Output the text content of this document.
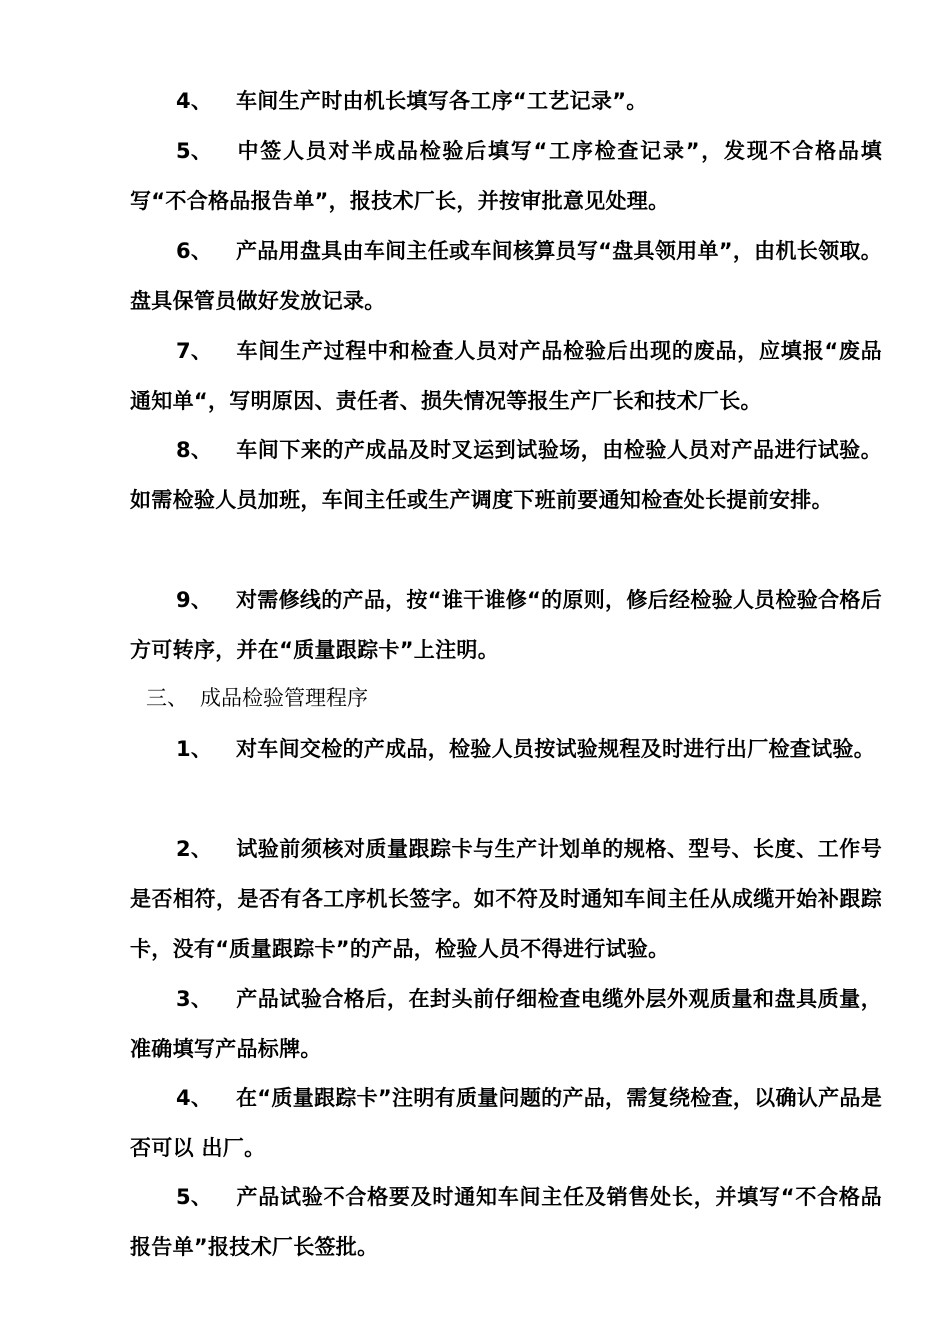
4、 车间生产时由机长填写各工序“工艺记录”。

5、 中签人员对半成品检验后填写“工序检查记录”，发现不合格品填写“不合格品报告单”，报技术厂长，并按审批意见处理。

6、 产品用盘具由车间主任或车间核算员写“盘具领用单”，由机长领取。盘具保管员做好发放记录。

7、 车间生产过程中和检查人员对产品检验后出现的废品，应填报“废品通知单“，写明原因、责任者、损失情况等报生产厂长和技术厂长。

8、 车间下来的产成品及时叉运到试验场，由检验人员对产品进行试验。如需检验人员加班，车间主任或生产调度下班前要通知检查处长提前安排。

9、 对需修线的产品，按“谁干谁修“的原则，修后经检验人员检验合格后方可转序，并在“质量跟踪卡”上注明。

三、 成品检验管理程序

1、 对车间交检的产成品，检验人员按试验规程及时进行出厂检查试验。

2、 试验前须核对质量跟踪卡与生产计划单的规格、型号、长度、工作号是否相符，是否有各工序机长签字。如不符及时通知车间主任从成缆开始补跟踪卡，没有“质量跟踪卡”的产品，检验人员不得进行试验。

3、 产品试验合格后，在封头前仔细检查电缆外层外观质量和盘具质量，准确填写产品标牌。

4、 在“质量跟踪卡”注明有质量问题的产品，需复绕检查，以确认产品是否可以 出厂。

5、 产品试验不合格要及时通知车间主任及销售处长，并填写“不合格品报告单”报技术厂长签批。
